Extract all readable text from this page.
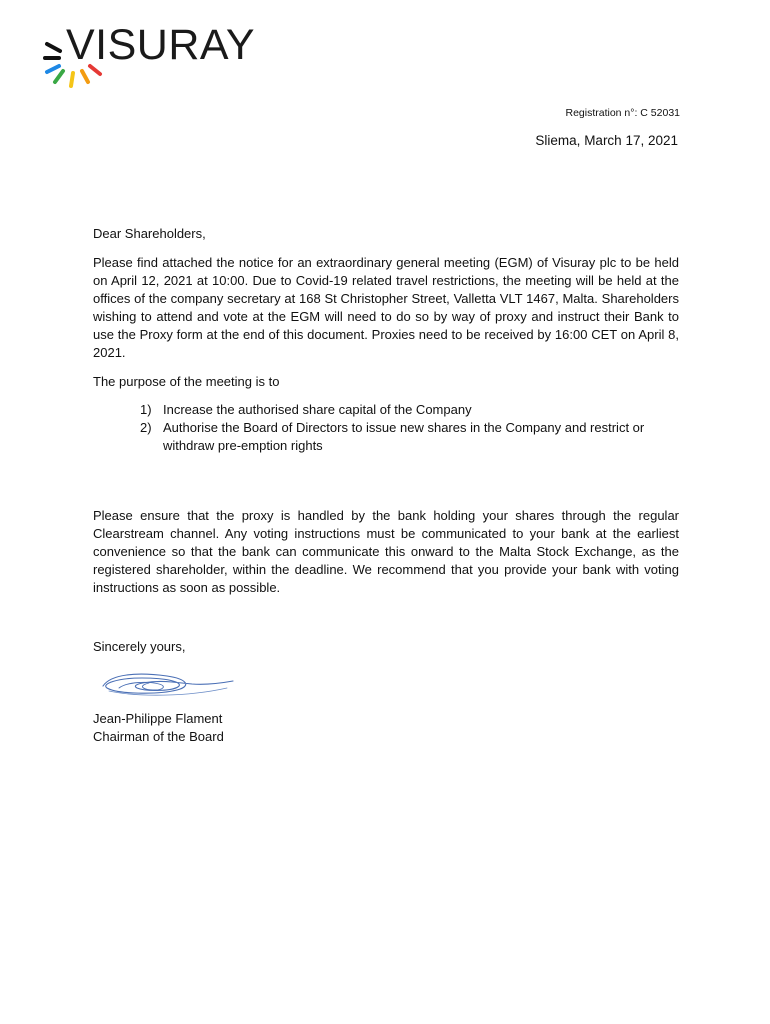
VISURAY
Registration n°: C 52031
Sliema, March 17, 2021

Dear Shareholders,

Please find attached the notice for an extraordinary general meeting (EGM) of Visuray plc to be held on April 12, 2021 at 10:00. Due to Covid-19 related travel restrictions, the meeting will be held at the offices of the company secretary at 168 St Christopher Street, Valletta VLT 1467, Malta. Shareholders wishing to attend and vote at the EGM will need to do so by way of proxy and instruct their Bank to use the Proxy form at the end of this document. Proxies need to be received by 16:00 CET on April 8, 2021.

The purpose of the meeting is to

1) Increase the authorised share capital of the Company
2) Authorise the Board of Directors to issue new shares in the Company and restrict or withdraw pre-emption rights

Please ensure that the proxy is handled by the bank holding your shares through the regular Clearstream channel. Any voting instructions must be communicated to your bank at the earliest convenience so that the bank can communicate this onward to the Malta Stock Exchange, as the registered shareholder, within the deadline. We recommend that you provide your bank with voting instructions as soon as possible.

Sincerely yours,

Jean-Philippe Flament

Chairman of the Board
